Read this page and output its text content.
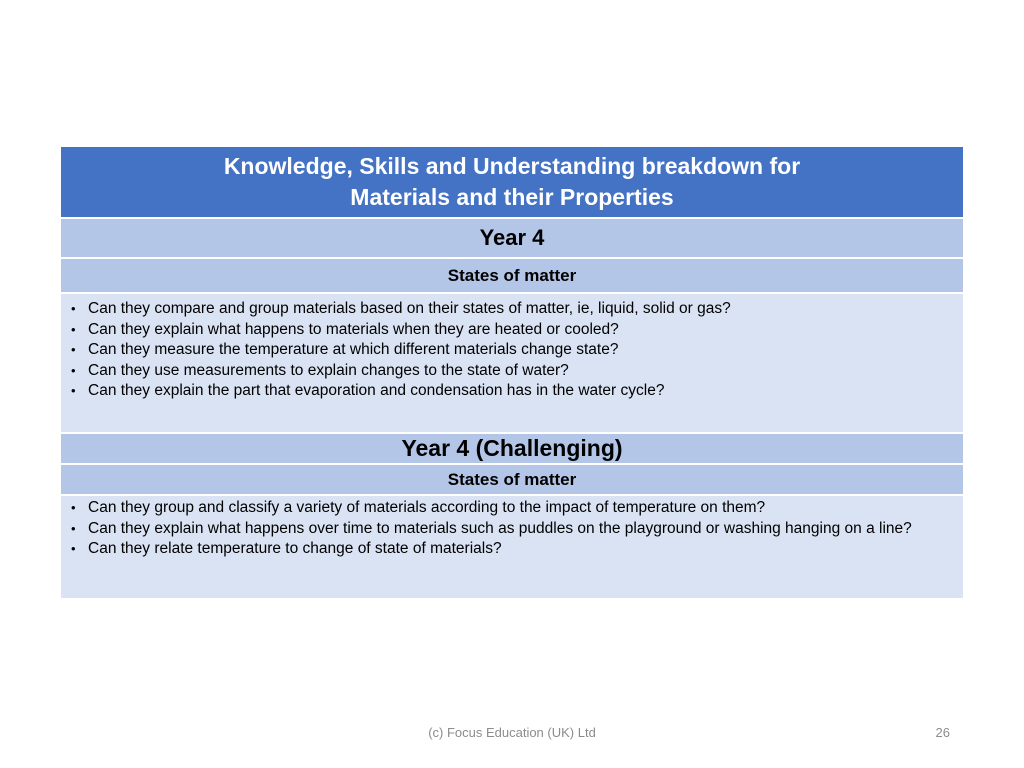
Knowledge, Skills and Understanding breakdown for
Materials and their Properties
Year 4
States of matter
• Can they compare and group materials based on their states of matter, ie, liquid, solid or gas?
• Can they explain what happens to materials when they are heated or cooled?
• Can they measure the temperature at which different materials change state?
• Can they use measurements to explain changes to the state of water?
• Can they explain the part that evaporation and condensation has in the water cycle?
Year 4 (Challenging)
States of matter
• Can they group and classify a variety of materials according to the impact of temperature on them?
• Can they explain what happens over time to materials such as puddles on the playground or washing hanging on a line?
• Can they relate temperature to change of state of materials?
(c) Focus Education (UK) Ltd	26
